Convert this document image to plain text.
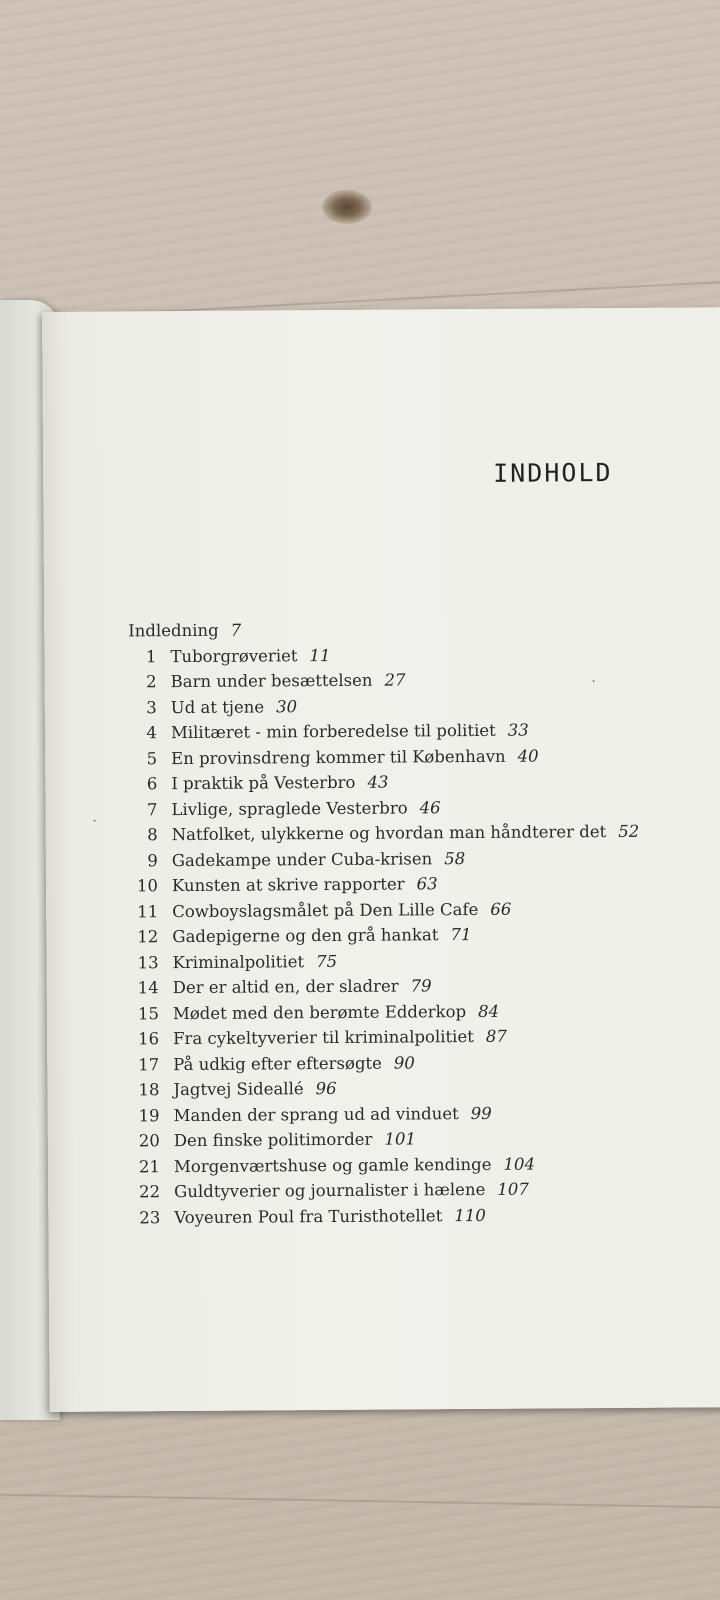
INDHOLD
Indledning 7
1 Tuborgrøveriet 11
2 Barn under besættelsen 27
3 Ud at tjene 30
4 Militæret - min forberedelse til politiet 33
5 En provinsdreng kommer til København 40
6 I praktik på Vesterbro 43
7 Livlige, spraglede Vesterbro 46
8 Natfolket, ulykkerne og hvordan man håndterer det 52
9 Gadekampe under Cuba-krisen 58
10 Kunsten at skrive rapporter 63
11 Cowboyslagsmålet på Den Lille Cafe 66
12 Gadepigerne og den grå hankat 71
13 Kriminalpolitiet 75
14 Der er altid en, der sladrer 79
15 Mødet med den berømte Edderkop 84
16 Fra cykeltyverier til kriminalpolitiet 87
17 På udkig efter eftersøgte 90
18 Jagtvej Sideallé 96
19 Manden der sprang ud ad vinduet 99
20 Den finske politimorder 101
21 Morgenværtshuse og gamle kendinge 104
22 Guldtyverier og journalister i hælene 107
23 Voyeuren Poul fra Turisthotellet 110
